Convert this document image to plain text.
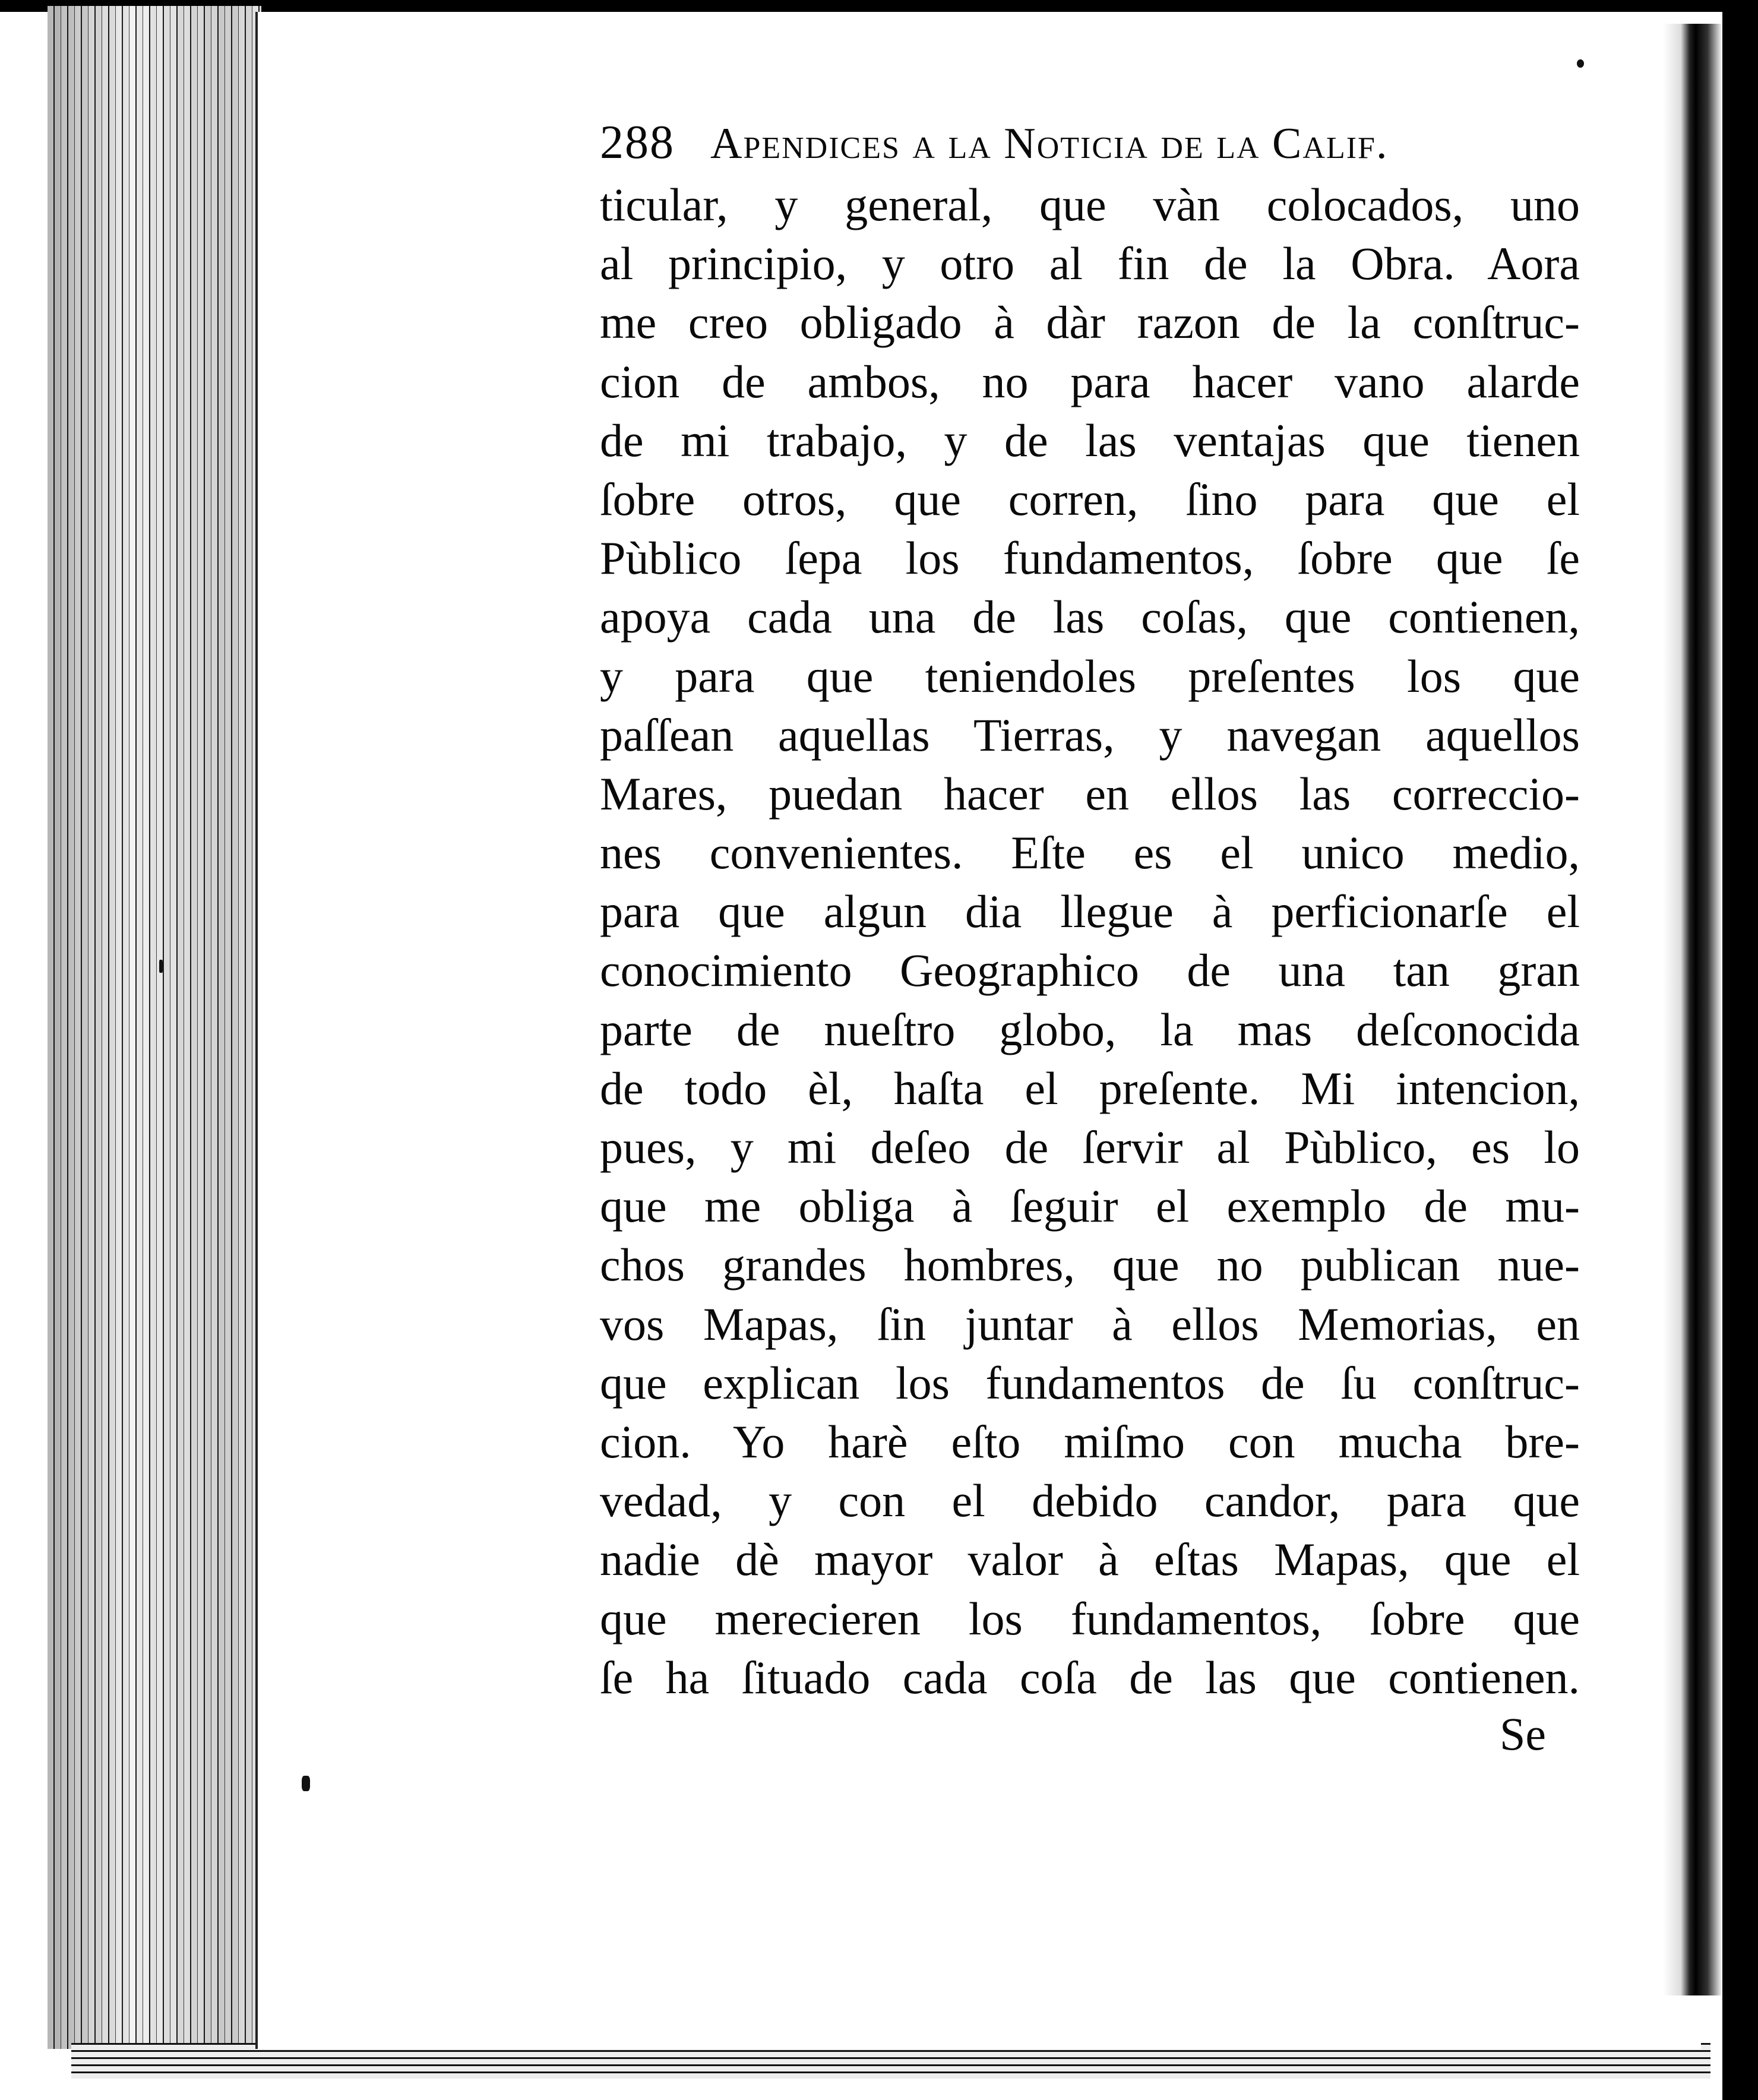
288 Apendices a la Noticia de la Calif.
ticular, y general, que vàn colocados, uno
al principio, y otro al fin de la Obra. Aora
me creo obligado à dàr razon de la conſtruc-
cion de ambos, no para hacer vano alarde
de mi trabajo, y de las ventajas que tienen
ſobre otros, que corren, ſino para que el
Pùblico ſepa los fundamentos, ſobre que ſe
apoya cada una de las coſas, que contienen,
y para que teniendoles preſentes los que
paſſean aquellas Tierras, y navegan aquellos
Mares, puedan hacer en ellos las correccio-
nes convenientes. Eſte es el unico medio,
para que algun dia llegue à perficionarſe el
conocimiento Geographico de una tan gran
parte de nueſtro globo, la mas deſconocida
de todo èl, haſta el preſente. Mi intencion,
pues, y mi deſeo de ſervir al Pùblico, es lo
que me obliga à ſeguir el exemplo de mu-
chos grandes hombres, que no publican nue-
vos Mapas, ſin juntar à ellos Memorias, en
que explican los fundamentos de ſu conſtruc-
cion. Yo harè eſto miſmo con mucha bre-
vedad, y con el debido candor, para que
nadie dè mayor valor à eſtas Mapas, que el
que merecieren los fundamentos, ſobre que
ſe ha ſituado cada coſa de las que contienen.
Se
